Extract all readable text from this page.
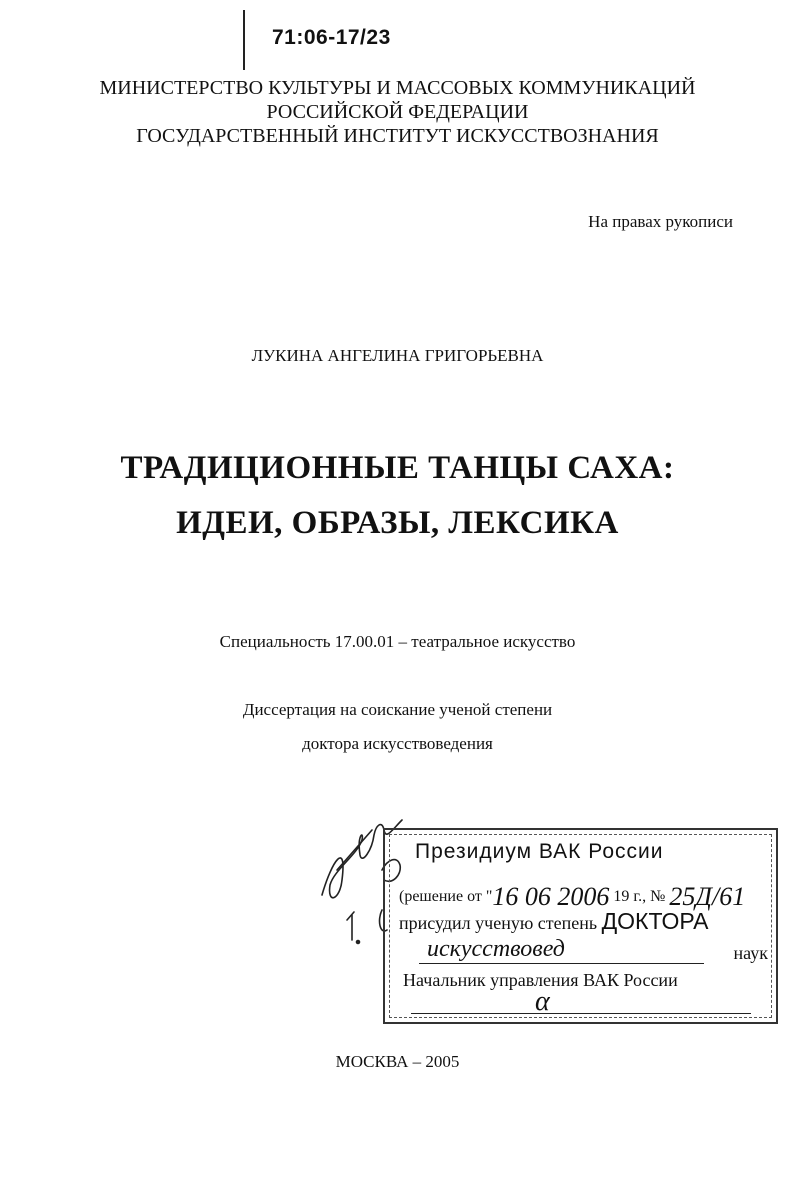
71:06-17/23
МИНИСТЕРСТВО КУЛЬТУРЫ И МАССОВЫХ КОММУНИКАЦИЙ
РОССИЙСКОЙ ФЕДЕРАЦИИ
ГОСУДАРСТВЕННЫЙ ИНСТИТУТ ИСКУССТВОЗНАНИЯ
На правах рукописи
ЛУКИНА АНГЕЛИНА ГРИГОРЬЕВНА
ТРАДИЦИОННЫЕ ТАНЦЫ САХА:
ИДЕИ, ОБРАЗЫ, ЛЕКСИКА
Специальность 17.00.01 – театральное искусство
Диссертация на соискание ученой степени
доктора искусствоведения
Президиум ВАК России
(решение от "16 06 2006 19 г., № 25Д/61
присудил ученую степень ДОКТОРА
искусствовед	наук
Начальник управления ВАК России
α
МОСКВА – 2005
